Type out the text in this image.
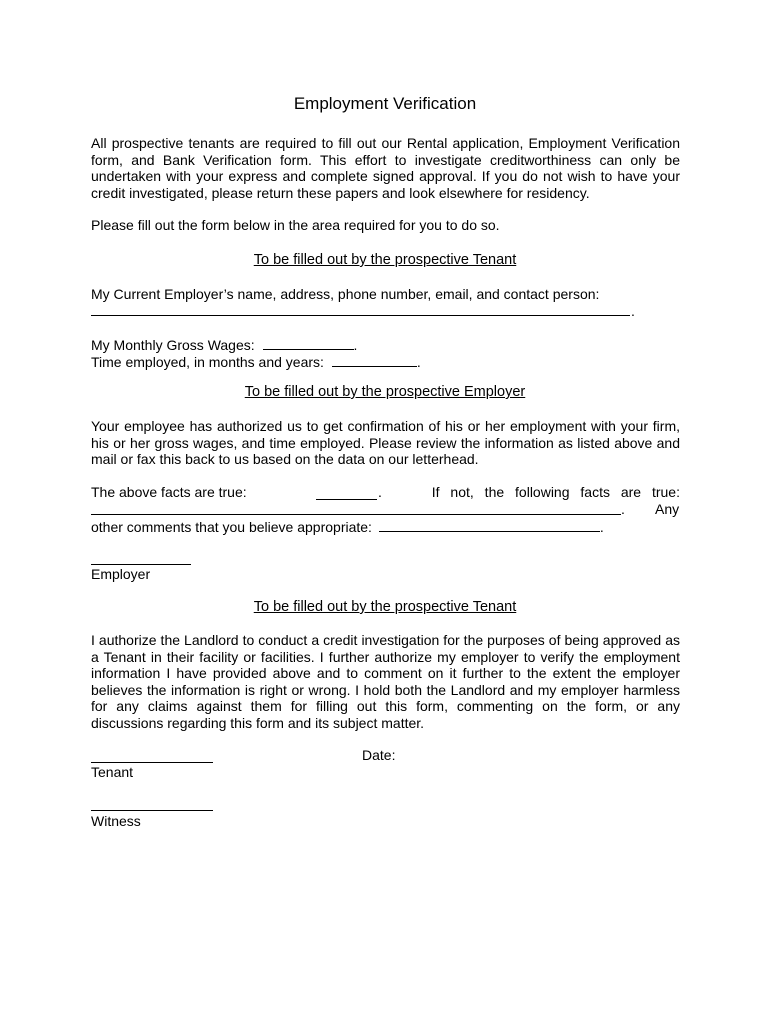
Employment Verification
All prospective tenants are required to fill out our Rental application, Employment Verification form, and Bank Verification form. This effort to investigate creditworthiness can only be undertaken with your express and complete signed approval. If you do not wish to have your credit investigated, please return these papers and look elsewhere for residency.
Please fill out the form below in the area required for you to do so.
To be filled out by the prospective Tenant
My Current Employer’s name, address, phone number, email, and contact person:
.
My Monthly Gross Wages:	.
Time employed, in months and years:	.
To be filled out by the prospective Employer
Your employee has authorized us to get confirmation of his or her employment with your firm, his or her gross wages, and time employed. Please review the information as listed above and mail or fax this back to us based on the data on our letterhead.
The above facts are true:	.	If not, the following facts are true:
. Any
other comments that you believe appropriate:	.
Employer
To be filled out by the prospective Tenant
I authorize the Landlord to conduct a credit investigation for the purposes of being approved as a Tenant in their facility or facilities. I further authorize my employer to verify the employment information I have provided above and to comment on it further to the extent the employer believes the information is right or wrong. I hold both the Landlord and my employer harmless for any claims against them for filling out this form, commenting on the form, or any discussions regarding this form and its subject matter.
Tenant
Date:
Witness
